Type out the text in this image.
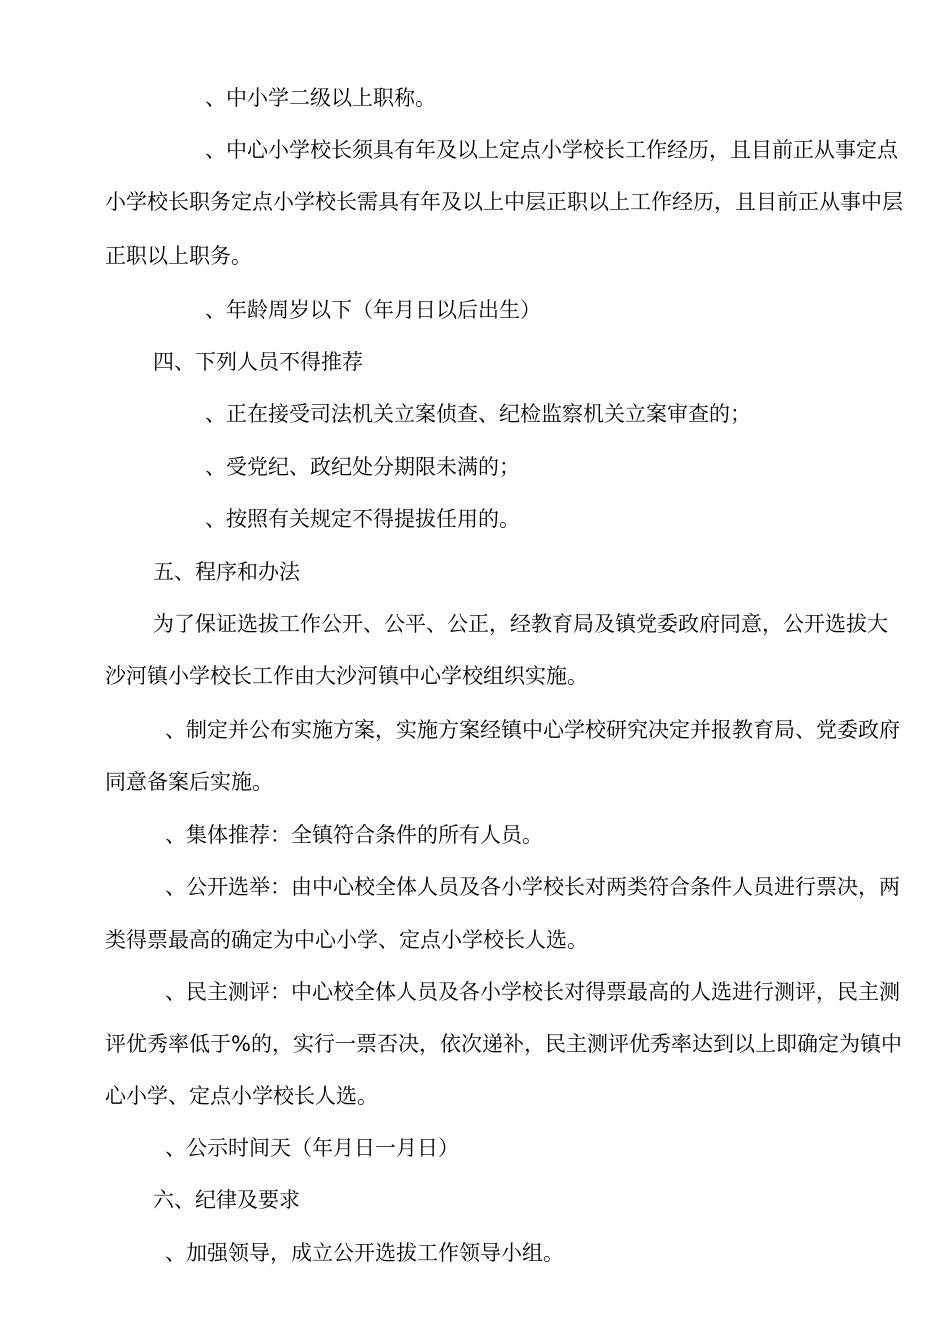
、中小学二级以上职称。

、中心小学校长须具有年及以上定点小学校长工作经历，且目前正从事定点

小学校长职务定点小学校长需具有年及以上中层正职以上工作经历，且目前正从事中层

正职以上职务。

、年龄周岁以下（年月日以后出生）

四、下列人员不得推荐

、正在接受司法机关立案侦查、纪检监察机关立案审查的；

、受党纪、政纪处分期限未满的；

、按照有关规定不得提拔任用的。

五、程序和办法

为了保证选拔工作公开、公平、公正，经教育局及镇党委政府同意，公开选拔大

沙河镇小学校长工作由大沙河镇中心学校组织实施。

、制定并公布实施方案，实施方案经镇中心学校研究决定并报教育局、党委政府

同意备案后实施。

、集体推荐：全镇符合条件的所有人员。

、公开选举：由中心校全体人员及各小学校长对两类符合条件人员进行票决，两

类得票最高的确定为中心小学、定点小学校长人选。

、民主测评：中心校全体人员及各小学校长对得票最高的人选进行测评，民主测

评优秀率低于%的，实行一票否决，依次递补，民主测评优秀率达到以上即确定为镇中

心小学、定点小学校长人选。

、公示时间天（年月日一月日）

六、纪律及要求

、加强领导，成立公开选拔工作领导小组。
